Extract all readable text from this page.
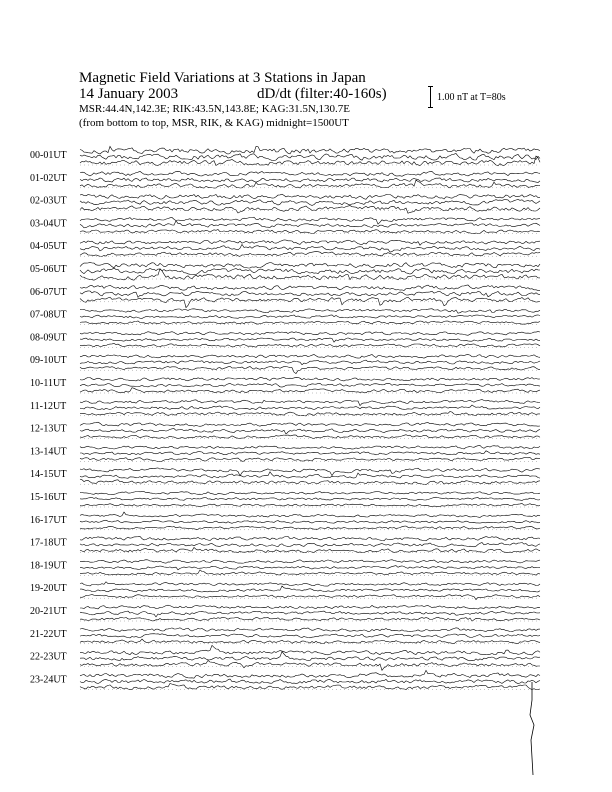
Magnetic Field Variations at 3 Stations in Japan
14 January 2003	dD/dt (filter:40-160s)
MSR:44.4N,142.3E; RIK:43.5N,143.8E; KAG:31.5N,130.7E
(from bottom to top, MSR, RIK, & KAG) midnight=1500UT
1.00 nT at T=80s
00-01UT
01-02UT
02-03UT
03-04UT
04-05UT
05-06UT
06-07UT
07-08UT
08-09UT
09-10UT
10-11UT
11-12UT
12-13UT
13-14UT
14-15UT
15-16UT
16-17UT
17-18UT
18-19UT
19-20UT
20-21UT
21-22UT
22-23UT
23-24UT
